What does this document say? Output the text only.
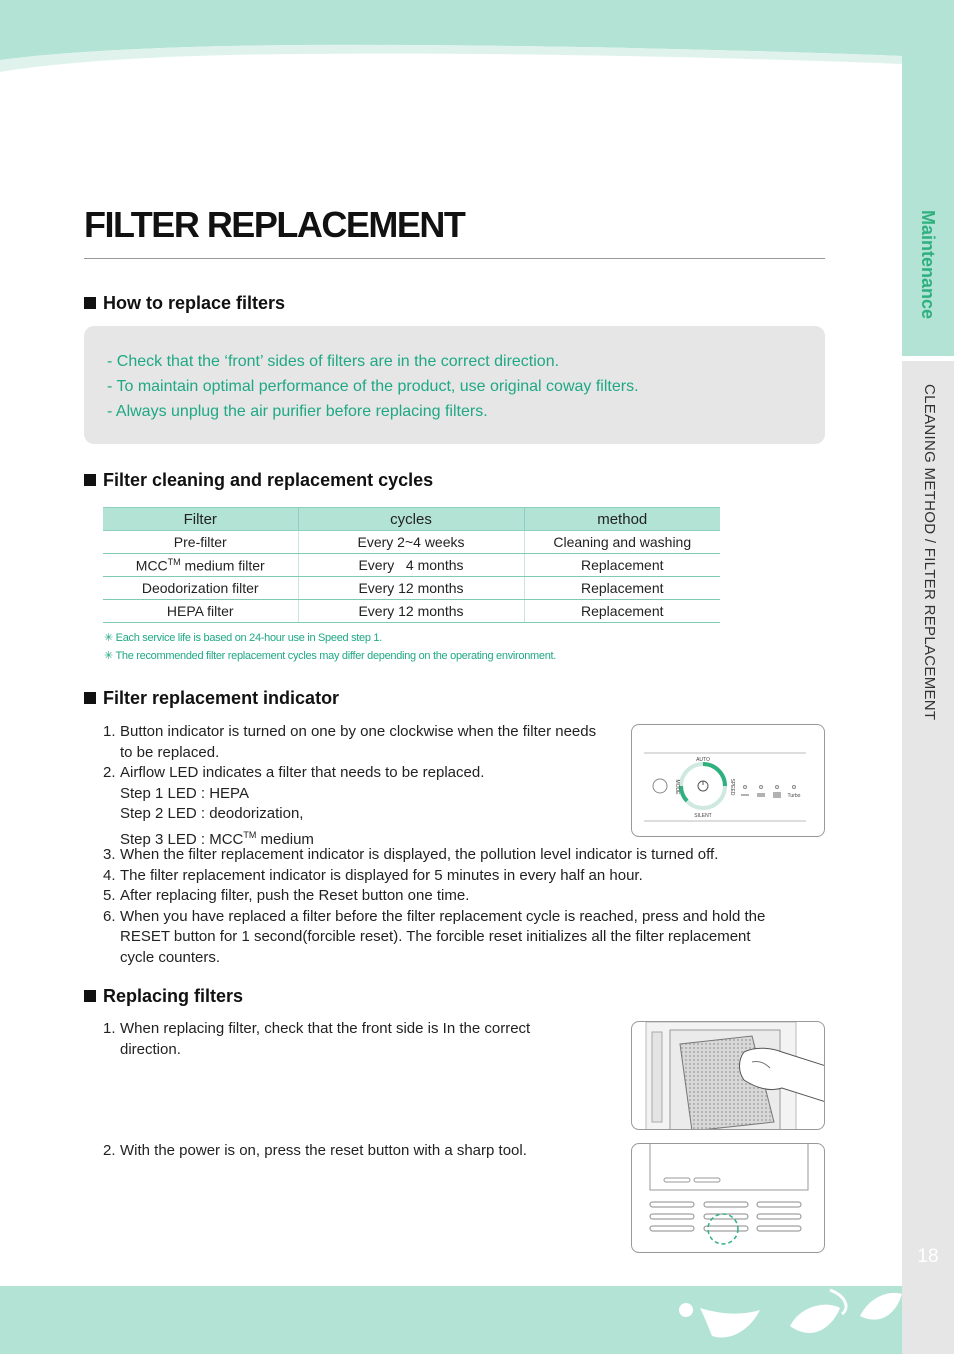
Maintenance
CLEANING METHOD / FILTER REPLACEMENT
18
FILTER REPLACEMENT
How to replace filters

- Check that the ‘front’ sides of filters are in the correct direction.

- To maintain optimal performance of the product, use original coway filters.

- Always unplug the air purifier before replacing filters.

Filter cleaning and replacement cycles
Filter	cycles	method
Pre-filter	Every 2~4 weeks	Cleaning and washing
MCC™ medium filter	Every   4 months	Replacement
Deodorization filter	Every 12 months	Replacement
HEPA filter	Every 12 months	Replacement
✳ Each service life is based on 24-hour use in Speed step 1.
✳ The recommended filter replacement cycles may differ depending on the operating environment.
Filter replacement indicator
1. Button indicator is turned on one by one clockwise when the filter needs
to be replaced.
2. Airflow LED indicates a filter that needs to be replaced.
Step 1 LED : HEPA
Step 2 LED : deodorization,
Step 3 LED : MCC™ medium
3. When the filter replacement indicator is displayed, the pollution level indicator is turned off.
4. The filter replacement indicator is displayed for 5 minutes in every half an hour.
5. After replacing filter, push the Reset button one time.
6. When you have replaced a filter before the filter replacement cycle is reached, press and hold the
RESET button for 1 second(forcible reset). The forcible reset initializes all the filter replacement
cycle counters.
AUTO
SILENT
MODE	SPEED
Turbo
Replacing filters
1. When replacing filter, check that the front side is In the correct
direction.
2. With the power is on, press the reset button with a sharp tool.
